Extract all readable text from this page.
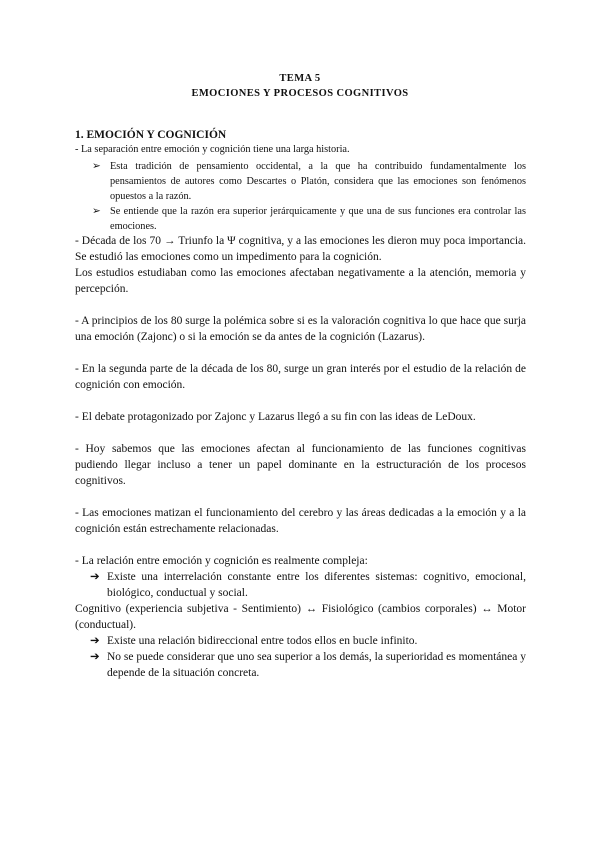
TEMA 5
EMOCIONES Y PROCESOS COGNITIVOS
1. EMOCIÓN Y COGNICIÓN
- La separación entre emoción y cognición tiene una larga historia.
➢ Esta tradición de pensamiento occidental, a la que ha contribuido fundamentalmente los pensamientos de autores como Descartes o Platón, considera que las emociones son fenómenos opuestos a la razón.
➢ Se entiende que la razón era superior jerárquicamente y que una de sus funciones era controlar las emociones.
- Década de los 70 → Triunfo la Ψ cognitiva, y a las emociones les dieron muy poca importancia. Se estudió las emociones como un impedimento para la cognición.
Los estudios estudiaban como las emociones afectaban negativamente a la atención, memoria y percepción.
- A principios de los 80 surge la polémica sobre si es la valoración cognitiva lo que hace que surja una emoción (Zajonc) o si la emoción se da antes de la cognición (Lazarus).
- En la segunda parte de la década de los 80, surge un gran interés por el estudio de la relación de cognición con emoción.
- El debate protagonizado por Zajonc y Lazarus llegó a su fin con las ideas de LeDoux.
- Hoy sabemos que las emociones afectan al funcionamiento de las funciones cognitivas pudiendo llegar incluso a tener un papel dominante en la estructuración de los procesos cognitivos.
- Las emociones matizan el funcionamiento del cerebro y las áreas dedicadas a la emoción y a la cognición están estrechamente relacionadas.
- La relación entre emoción y cognición es realmente compleja:
➔ Existe una interrelación constante entre los diferentes sistemas: cognitivo, emocional, biológico, conductual y social.
Cognitivo (experiencia subjetiva - Sentimiento) ↔ Fisiológico (cambios corporales) ↔ Motor (conductual).
➔ Existe una relación bidireccional entre todos ellos en bucle infinito.
➔ No se puede considerar que uno sea superior a los demás, la superioridad es momentánea y depende de la situación concreta.
